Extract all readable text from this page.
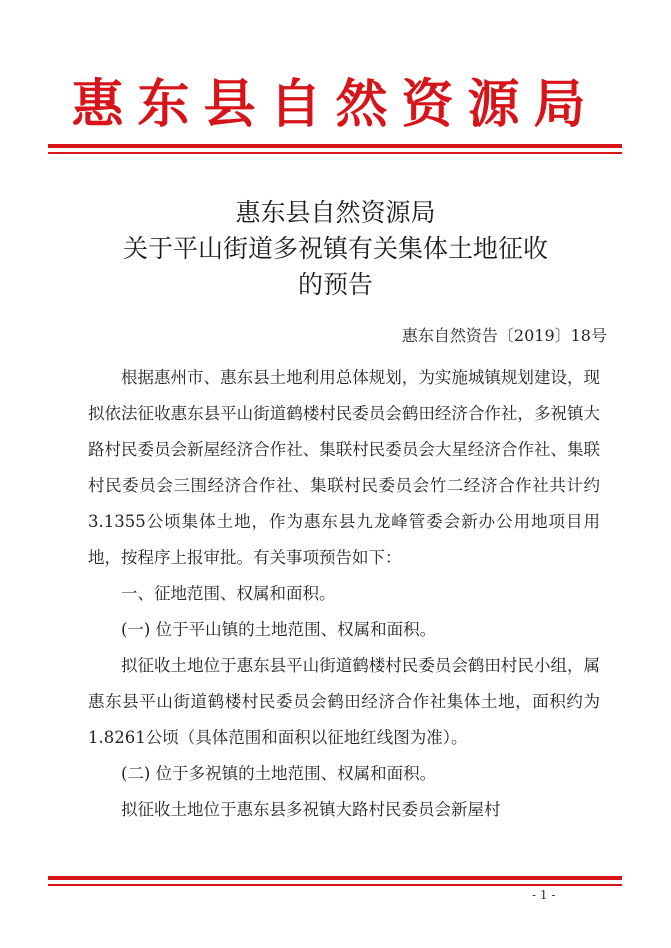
惠东县自然资源局
惠东县自然资源局
关于平山街道多祝镇有关集体土地征收
的预告
惠东自然资告〔2019〕18号

根据惠州市、惠东县土地利用总体规划，为实施城镇规划建设，现拟依法征收惠东县平山街道鹤楼村民委员会鹤田经济合作社，多祝镇大路村民委员会新屋经济合作社、集联村民委员会大星经济合作社、集联村民委员会三围经济合作社、集联村民委员会竹二经济合作社共计约3.1355公顷集体土地，作为惠东县九龙峰管委会新办公用地项目用地，按程序上报审批。有关事项预告如下：

一、征地范围、权属和面积。

(一) 位于平山镇的土地范围、权属和面积。

拟征收土地位于惠东县平山街道鹤楼村民委员会鹤田村民小组，属惠东县平山街道鹤楼村民委员会鹤田经济合作社集体土地，面积约为1.8261公顷（具体范围和面积以征地红线图为准）。

(二) 位于多祝镇的土地范围、权属和面积。

拟征收土地位于惠东县多祝镇大路村民委员会新屋村

- 1 -
